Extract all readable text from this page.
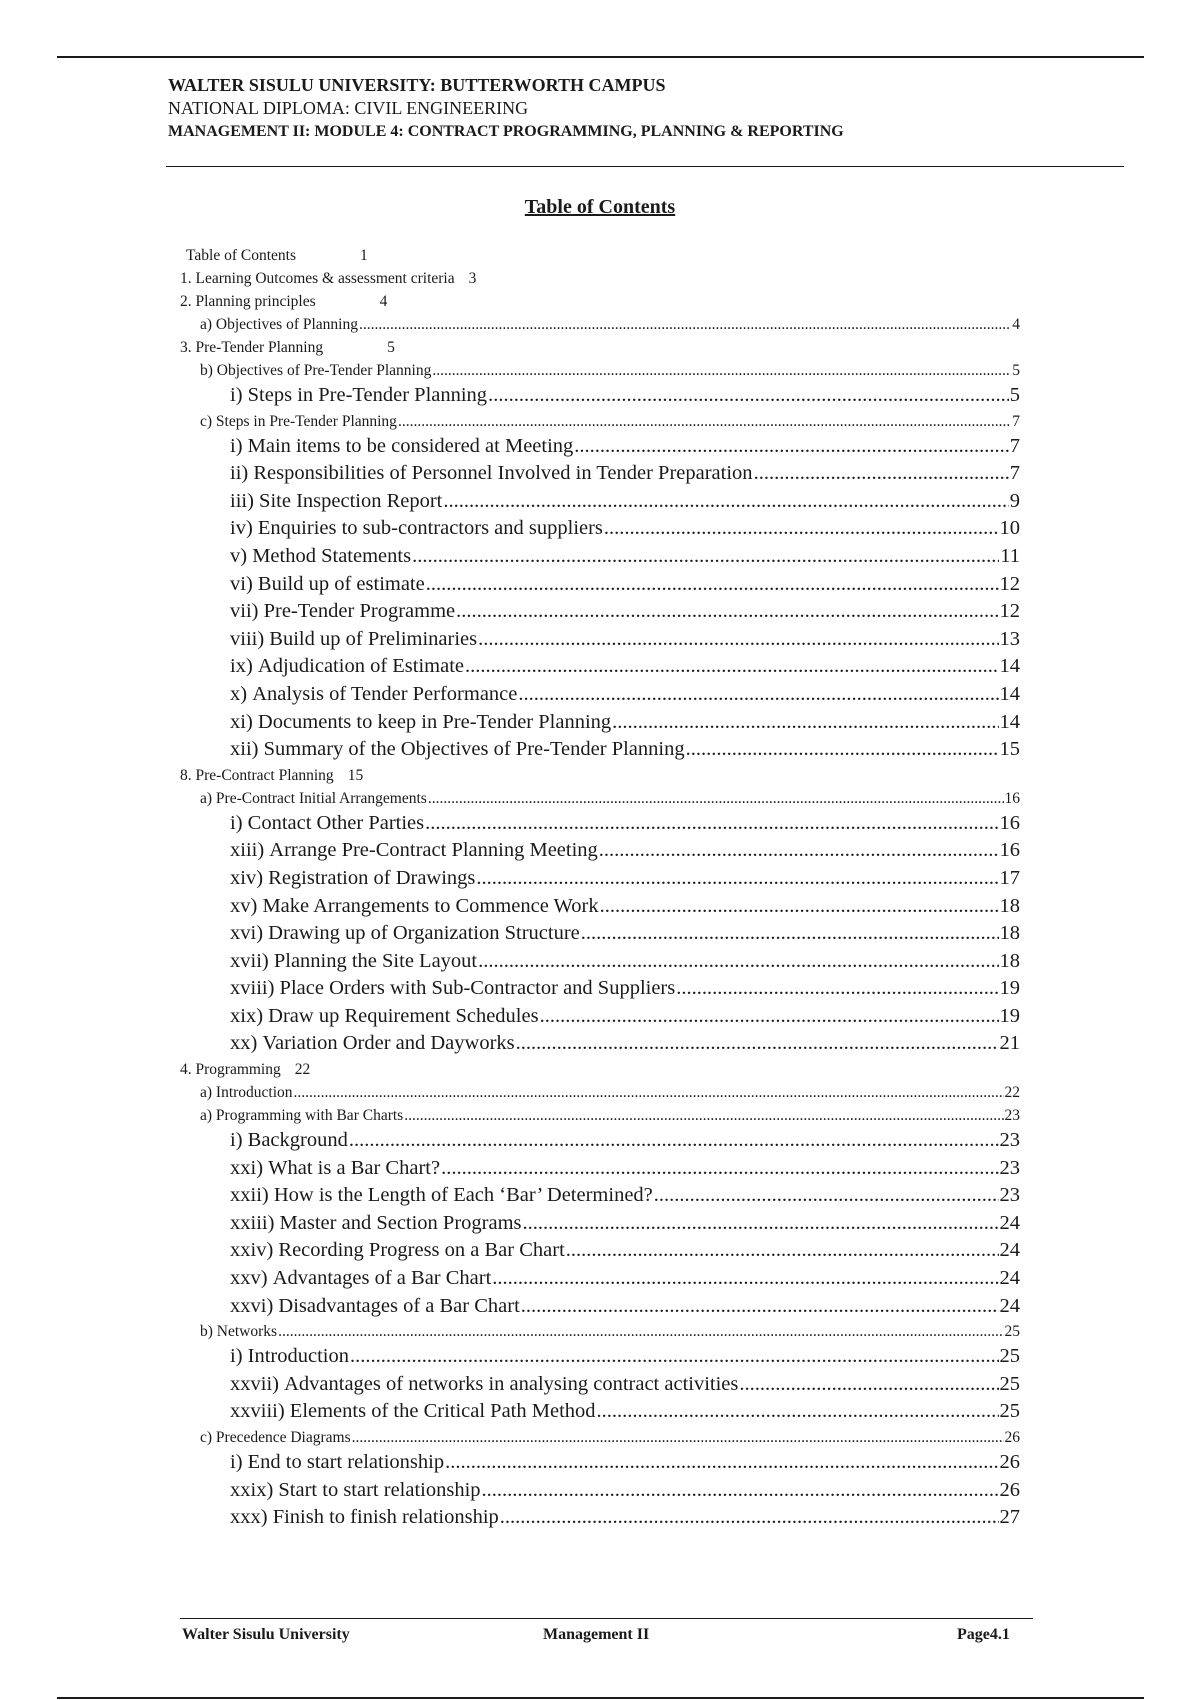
WALTER SISULU UNIVERSITY: BUTTERWORTH CAMPUS
NATIONAL DIPLOMA: CIVIL ENGINEERING
MANAGEMENT II: MODULE 4: CONTRACT PROGRAMMING, PLANNING & REPORTING
Table of Contents
Table of Contents	1
1. Learning Outcomes & assessment criteria 3
2. Planning principles	4
a) Objectives of Planning .....	4
3. Pre-Tender Planning	5
b) Objectives of Pre-Tender Planning .....	5
i) Steps in Pre-Tender Planning .....	5
c) Steps in Pre-Tender Planning .....	7
i) Main items to be considered at Meeting .....	7
ii) Responsibilities of Personnel Involved in Tender Preparation .....	7
iii) Site Inspection Report .....	9
iv) Enquiries to sub-contractors and suppliers .....	10
v) Method Statements .....	11
vi) Build up of estimate .....	12
vii) Pre-Tender Programme .....	12
viii) Build up of Preliminaries .....	13
ix) Adjudication of Estimate .....	14
x) Analysis of Tender Performance .....	14
xi) Documents to keep in Pre-Tender Planning .....	14
xii) Summary of the Objectives of Pre-Tender Planning .....	15
8. Pre-Contract Planning 15
a) Pre-Contract Initial Arrangements .....	16
i) Contact Other Parties .....	16
xiii) Arrange Pre-Contract Planning Meeting .....	16
xiv) Registration of Drawings .....	17
xv) Make Arrangements to Commence Work .....	18
xvi) Drawing up of Organization Structure .....	18
xvii) Planning the Site Layout .....	18
xviii) Place Orders with Sub-Contractor and Suppliers .....	19
xix) Draw up Requirement Schedules .....	19
xx) Variation Order and Dayworks .....	21
4. Programming 22
a) Introduction .....	22
a) Programming with Bar Charts .....	23
i) Background .....	23
xxi) What is a Bar Chart? .....	23
xxii) How is the Length of Each ‘Bar’ Determined? .....	23
xxiii) Master and Section Programs .....	24
xxiv) Recording Progress on a Bar Chart .....	24
xxv) Advantages of a Bar Chart .....	24
xxvi) Disadvantages of a Bar Chart .....	24
b) Networks .....	25
i) Introduction .....	25
xxvii) Advantages of networks in analysing contract activities .....	25
xxviii) Elements of the Critical Path Method .....	25
c) Precedence Diagrams .....	26
i) End to start relationship .....	26
xxix) Start to start relationship .....	26
xxx) Finish to finish relationship .....	27
Walter Sisulu University	Management II	Page4.1
